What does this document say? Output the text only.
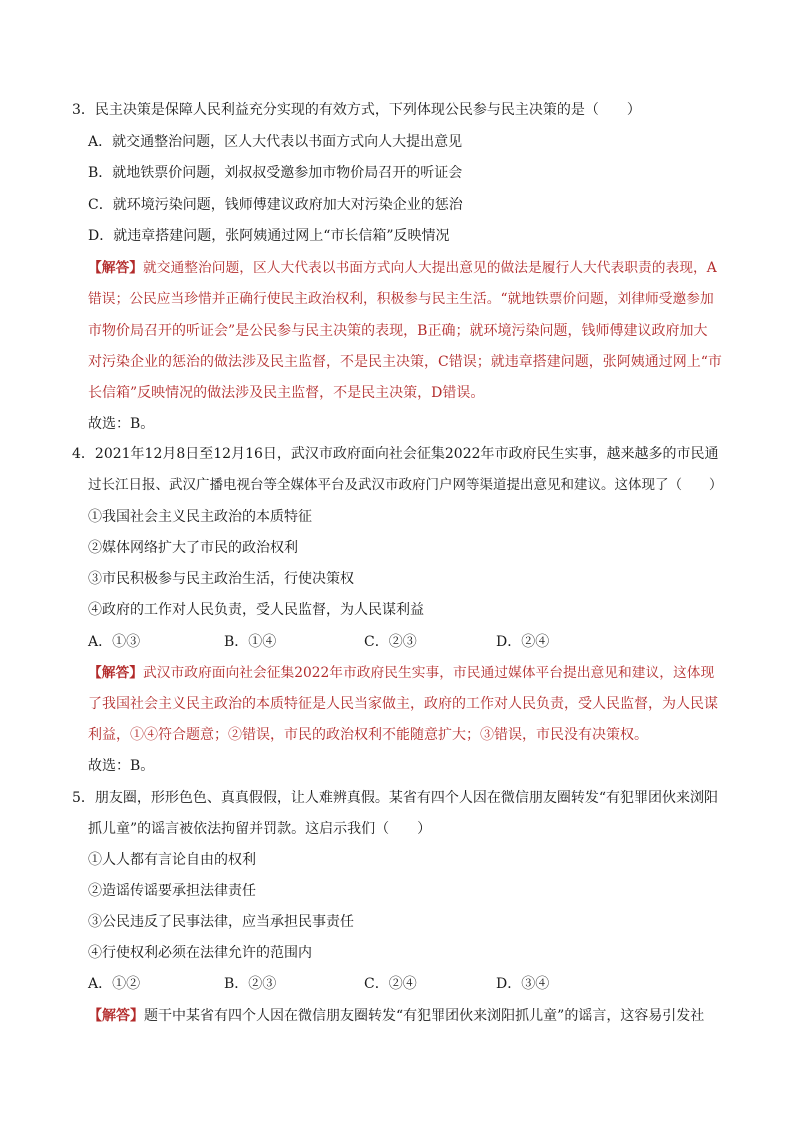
3．民主决策是保障人民利益充分实现的有效方式，下列体现公民参与民主决策的是（　　）
A．就交通整治问题，区人大代表以书面方式向人大提出意见
B．就地铁票价问题，刘叔叔受邀参加市物价局召开的听证会
C．就环境污染问题，钱师傅建议政府加大对污染企业的惩治
D．就违章搭建问题，张阿姨通过网上“市长信箱”反映情况
【解答】就交通整治问题，区人大代表以书面方式向人大提出意见的做法是履行人大代表职责的表现，A
错误；公民应当珍惜并正确行使民主政治权利，积极参与民主生活。“就地铁票价问题，刘律师受邀参加
市物价局召开的听证会”是公民参与民主决策的表现，B正确；就环境污染问题，钱师傅建议政府加大
对污染企业的惩治的做法涉及民主监督，不是民主决策，C错误；就违章搭建问题，张阿姨通过网上“市
长信箱”反映情况的做法涉及民主监督，不是民主决策，D错误。
故选：B。
4．2021年12月8日至12月16日，武汉市政府面向社会征集2022年市政府民生实事，越来越多的市民通
过长江日报、武汉广播电视台等全媒体平台及武汉市政府门户网等渠道提出意见和建议。这体现了（　　）
①我国社会主义民主政治的本质特征
②媒体网络扩大了市民的政治权利
③市民积极参与民主政治生活，行使决策权
④政府的工作对人民负责，受人民监督，为人民谋利益
A．①③	B．①④	C．②③	D．②④
【解答】武汉市政府面向社会征集2022年市政府民生实事，市民通过媒体平台提出意见和建议，这体现
了我国社会主义民主政治的本质特征是人民当家做主，政府的工作对人民负责，受人民监督，为人民谋
利益，①④符合题意；②错误，市民的政治权利不能随意扩大；③错误，市民没有决策权。
故选：B。
5．朋友圈，形形色色、真真假假，让人难辨真假。某省有四个人因在微信朋友圈转发“有犯罪团伙来浏阳
抓儿童”的谣言被依法拘留并罚款。这启示我们（　　）
①人人都有言论自由的权利
②造谣传谣要承担法律责任
③公民违反了民事法律，应当承担民事责任
④行使权利必须在法律允许的范围内
A．①②	B．②③	C．②④	D．③④
【解答】题干中某省有四个人因在微信朋友圈转发“有犯罪团伙来浏阳抓儿童”的谣言，这容易引发社
